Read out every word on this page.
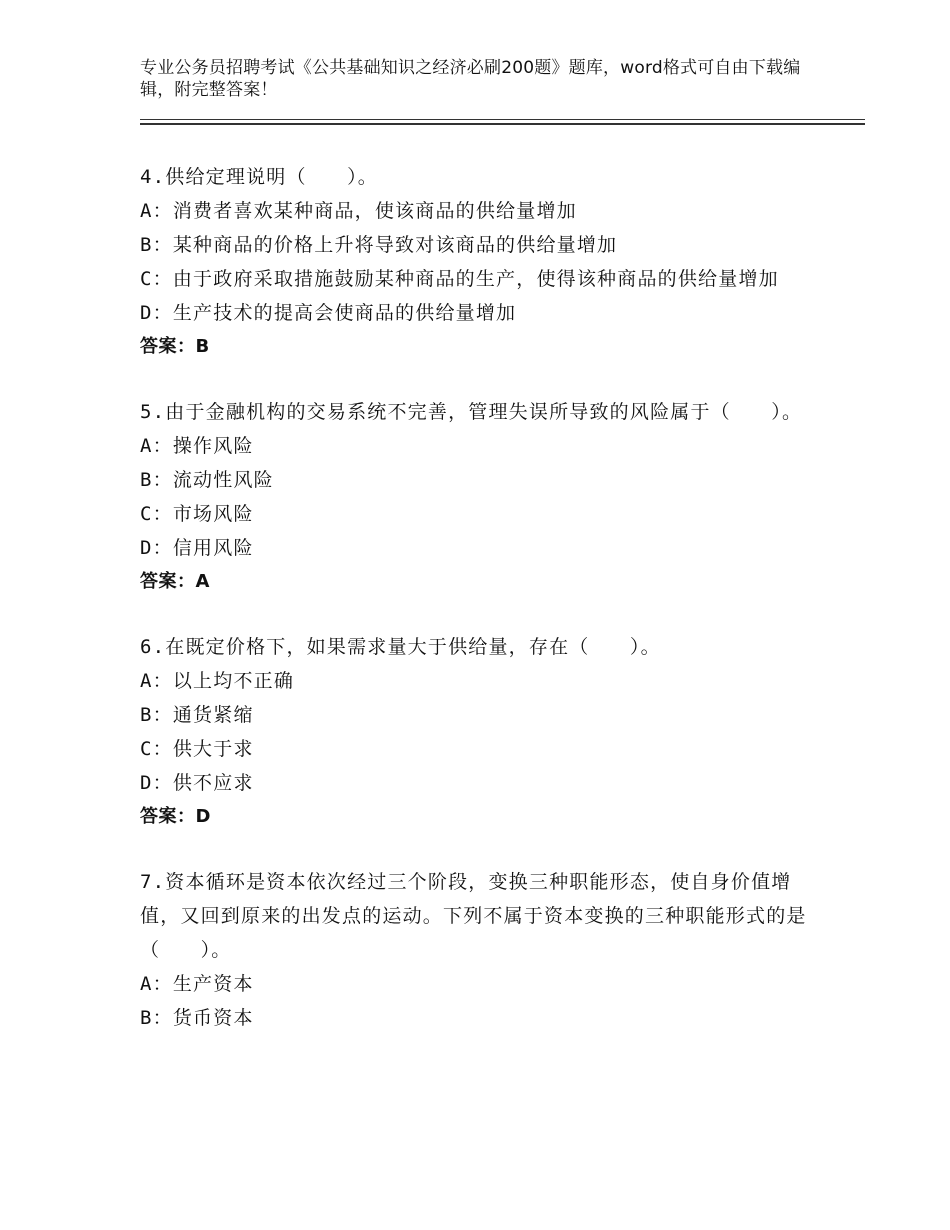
专业公务员招聘考试《公共基础知识之经济必刷200题》题库，word格式可自由下载编辑，附完整答案！
4.供给定理说明（　　）。
A：消费者喜欢某种商品，使该商品的供给量增加
B：某种商品的价格上升将导致对该商品的供给量增加
C：由于政府采取措施鼓励某种商品的生产，使得该种商品的供给量增加
D：生产技术的提高会使商品的供给量增加
答案：B
5.由于金融机构的交易系统不完善，管理失误所导致的风险属于（　　）。
A：操作风险
B：流动性风险
C：市场风险
D：信用风险
答案：A
6.在既定价格下，如果需求量大于供给量，存在（　　）。
A：以上均不正确
B：通货紧缩
C：供大于求
D：供不应求
答案：D
7.资本循环是资本依次经过三个阶段，变换三种职能形态，使自身价值增值，又回到原来的出发点的运动。下列不属于资本变换的三种职能形式的是（　　）。
A：生产资本
B：货币资本
